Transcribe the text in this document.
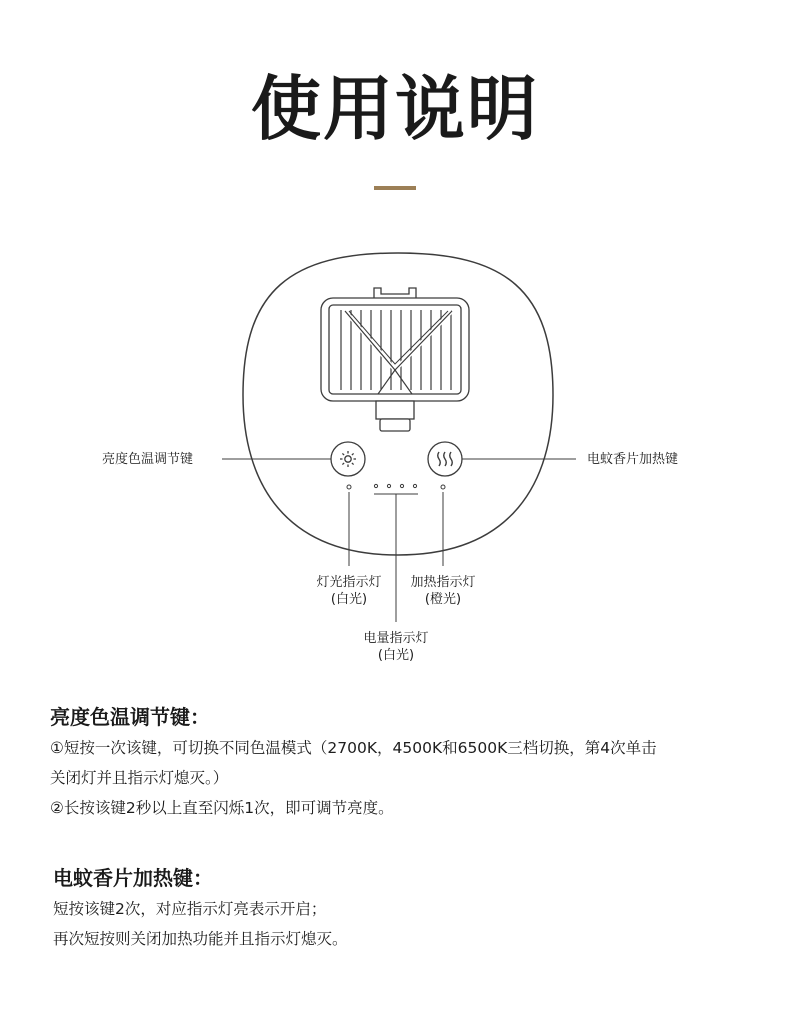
使用说明
亮度色温调节键	电蚊香片加热键
灯光指示灯
(白光)
加热指示灯
(橙光)
电量指示灯
(白光)
亮度色温调节键：
①短按一次该键，可切换不同色温模式（2700K，4500K和6500K三档切换，第4次单击
关闭灯并且指示灯熄灭。）
②长按该键2秒以上直至闪烁1次，即可调节亮度。
电蚊香片加热键：
短按该键2次，对应指示灯亮表示开启；
再次短按则关闭加热功能并且指示灯熄灭。
